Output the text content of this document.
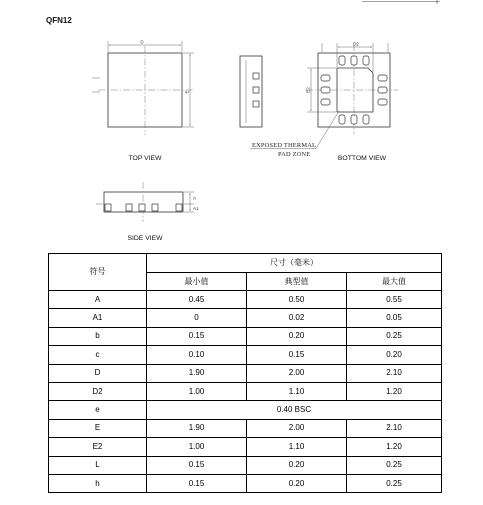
QFN12
D
E
TOP VIEW
D2
E2
EXPOSED THERMAL
PAD ZONE
BOTTOM VIEW
A
A1
SIDE VIEW
符号	尺寸（毫米）		
	最小值	典型值	最大值
A	0.45	0.50	0.55
A1	0	0.02	0.05
b	0.15	0.20	0.25
c	0.10	0.15	0.20
D	1.90	2.00	2.10
D2	1.00	1.10	1.20
e	0.40 BSC		
E	1.90	2.00	2.10
E2	1.00	1.10	1.20
L	0.15	0.20	0.25
h	0.15	0.20	0.25
